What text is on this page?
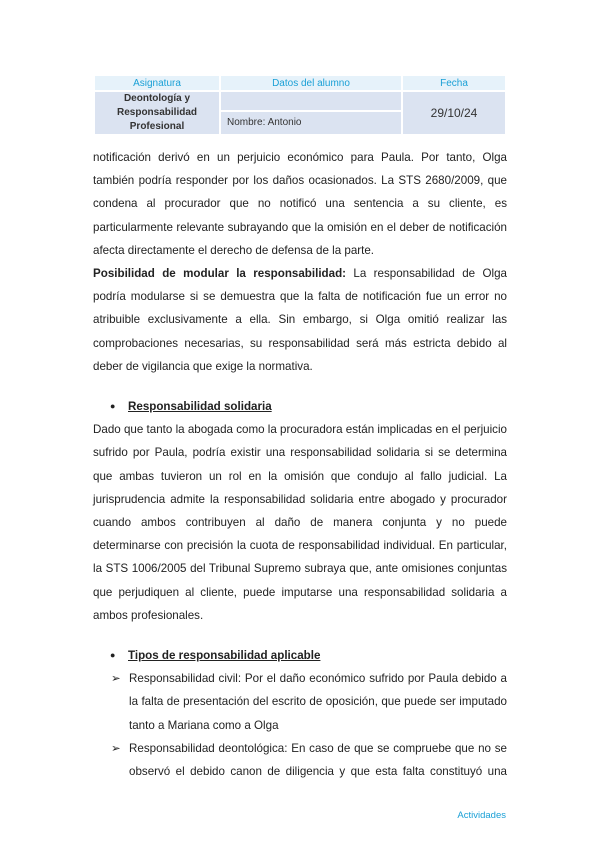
Asignatura	Datos del alumno	Fecha
Deontología y Responsabilidad Profesional		29/10/24
	Nombre: Antonio	

notificación derivó en un perjuicio económico para Paula. Por tanto, Olga también podría responder por los daños ocasionados. La STS 2680/2009, que condena al procurador que no notificó una sentencia a su cliente, es particularmente relevante subrayando que la omisión en el deber de notificación afecta directamente el derecho de defensa de la parte.

Posibilidad de modular la responsabilidad: La responsabilidad de Olga podría modularse si se demuestra que la falta de notificación fue un error no atribuible exclusivamente a ella. Sin embargo, si Olga omitió realizar las comprobaciones necesarias, su responsabilidad será más estricta debido al deber de vigilancia que exige la normativa.

●	Responsabilidad solidaria

Dado que tanto la abogada como la procuradora están implicadas en el perjuicio sufrido por Paula, podría existir una responsabilidad solidaria si se determina que ambas tuvieron un rol en la omisión que condujo al fallo judicial. La jurisprudencia admite la responsabilidad solidaria entre abogado y procurador cuando ambos contribuyen al daño de manera conjunta y no puede determinarse con precisión la cuota de responsabilidad individual. En particular, la STS 1006/2005 del Tribunal Supremo subraya que, ante omisiones conjuntas que perjudiquen al cliente, puede imputarse una responsabilidad solidaria a ambos profesionales.

●	Tipos de responsabilidad aplicable
➢ Responsabilidad civil: Por el daño económico sufrido por Paula debido a la falta de presentación del escrito de oposición, que puede ser imputado tanto a Mariana como a Olga

➢ Responsabilidad deontológica: En caso de que se compruebe que no se observó el debido canon de diligencia y que esta falta constituyó una

Actividades
